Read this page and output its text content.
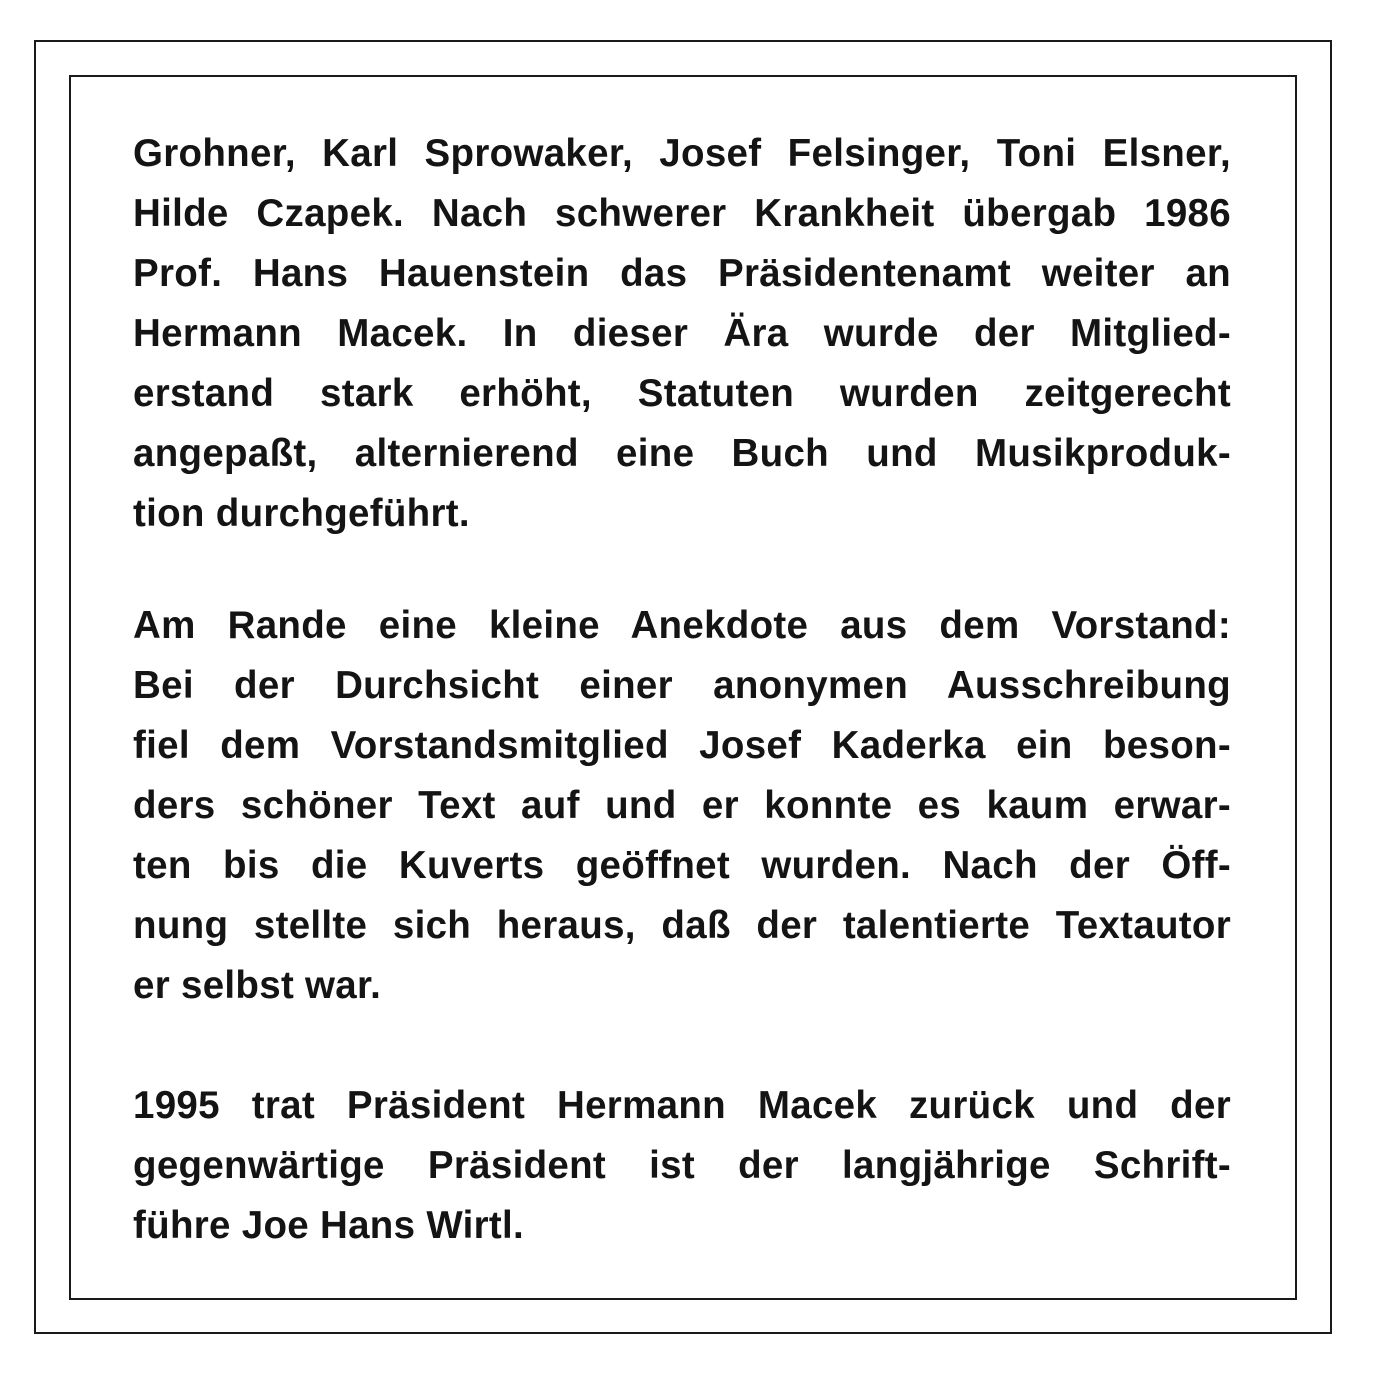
Grohner, Karl Sprowaker, Josef Felsinger, Toni Elsner,
Hilde Czapek. Nach schwerer Krankheit übergab 1986
Prof. Hans Hauenstein das Präsidentenamt weiter an
Hermann Macek. In dieser Ära wurde der Mitglied-
erstand stark erhöht, Statuten wurden zeitgerecht
angepaßt, alternierend eine Buch und Musikproduk-
tion durchgeführt.
Am Rande eine kleine Anekdote aus dem Vorstand:
Bei der Durchsicht einer anonymen Ausschreibung
fiel dem Vorstandsmitglied Josef Kaderka ein beson-
ders schöner Text auf und er konnte es kaum erwar-
ten bis die Kuverts geöffnet wurden. Nach der Öff-
nung stellte sich heraus, daß der talentierte Textautor
er selbst war.
1995 trat Präsident Hermann Macek zurück und der
gegenwärtige Präsident ist der langjährige Schrift-
führe Joe Hans Wirtl.
